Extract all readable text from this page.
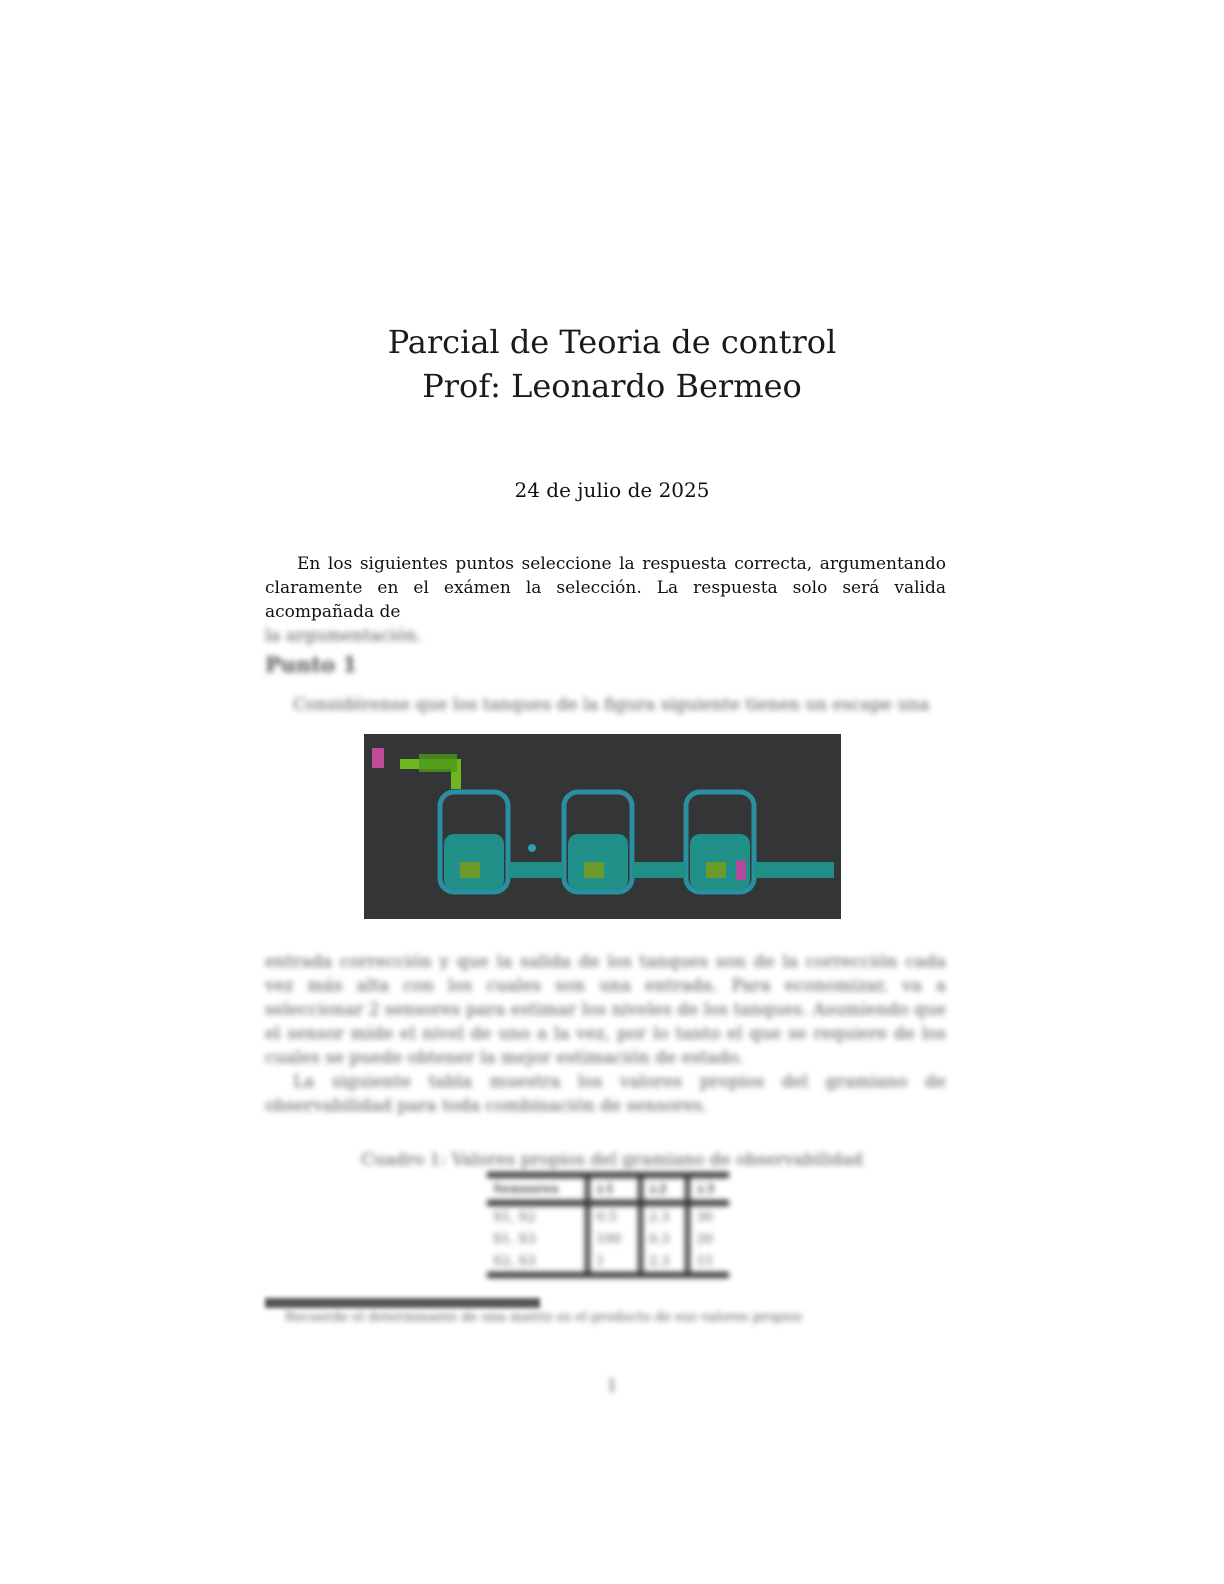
Parcial de Teoria de control
Prof: Leonardo Bermeo
24 de julio de 2025
En los siguientes puntos seleccione la respuesta correcta, argumentando claramente en el exámen la selección. La respuesta solo será valida acompañada de
la argumentación.
Punto 1
Considérense que los tanques de la figura siguiente tienen un escape una
entrada corrección y que la salida de los tanques son de la corrección cada vez más alta con los cuales son una entrada. Para economizar, va a seleccionar 2 sensores para estimar los niveles de los tanques. Asumiendo que el sensor mide el nivel de uno a la vez, por lo tanto el que se requiere de los cuales se puede obtener la mejor estimación de estado.
La siguiente tabla muestra los valores propios del gramiano de observabilidad para toda combinación de sensores.
Cuadro 1: Valores propios del gramiano de observabilidad
Sensores	λ1	λ2	λ3
S1, S2	0.5	2.3	30
S1, S3	100	0.3	20
S2, S3	1	2.3	15
Recuerde el determinante de una matriz es el producto de sus valores propios
1
